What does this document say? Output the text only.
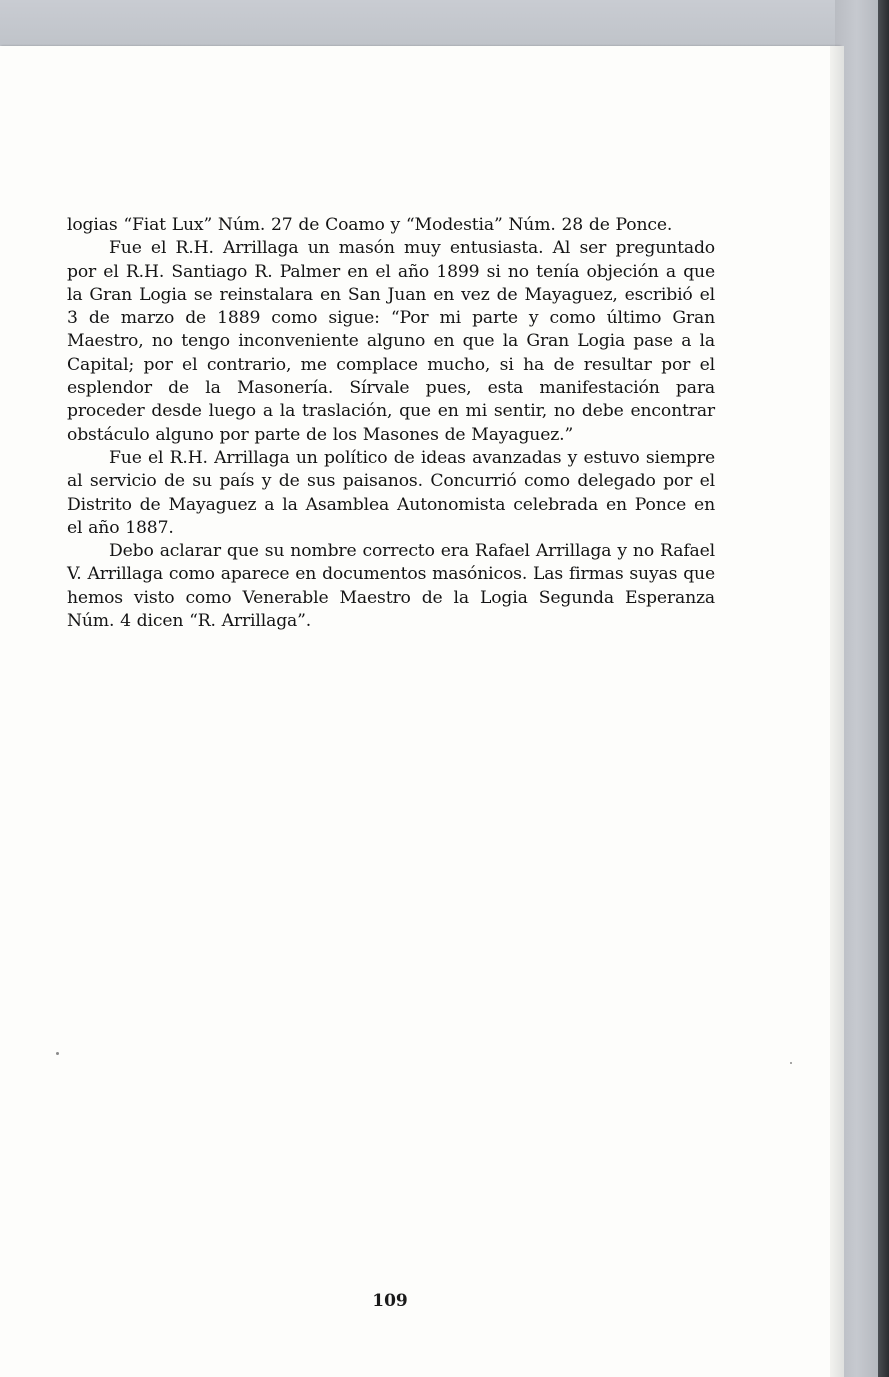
logias “Fiat Lux” Núm. 27 de Coamo y “Modestia” Núm. 28 de Ponce.

Fue el R.H. Arrillaga un masón muy entusiasta. Al ser preguntado por el R.H. Santiago R. Palmer en el año 1899 si no tenía objeción a que la Gran Logia se reinstalara en San Juan en vez de Mayaguez, escribió el 3 de marzo de 1889 como sigue: “Por mi parte y como último Gran Maestro, no tengo inconveniente alguno en que la Gran Logia pase a la Capital; por el contrario, me complace mucho, si ha de resultar por el esplendor de la Masonería. Sírvale pues, esta manifestación para proceder desde luego a la traslación, que en mi sentir, no debe encontrar obstáculo alguno por parte de los Masones de Mayaguez.”

Fue el R.H. Arrillaga un político de ideas avanzadas y estuvo siempre al servicio de su país y de sus paisanos. Concurrió como delegado por el Distrito de Mayaguez a la Asamblea Autonomista celebrada en Ponce en el año 1887.

Debo aclarar que su nombre correcto era Rafael Arrillaga y no Rafael V. Arrillaga como aparece en documentos masónicos. Las firmas suyas que hemos visto como Venerable Maestro de la Logia Segunda Esperanza Núm. 4 dicen “R. Arrillaga”.

109
